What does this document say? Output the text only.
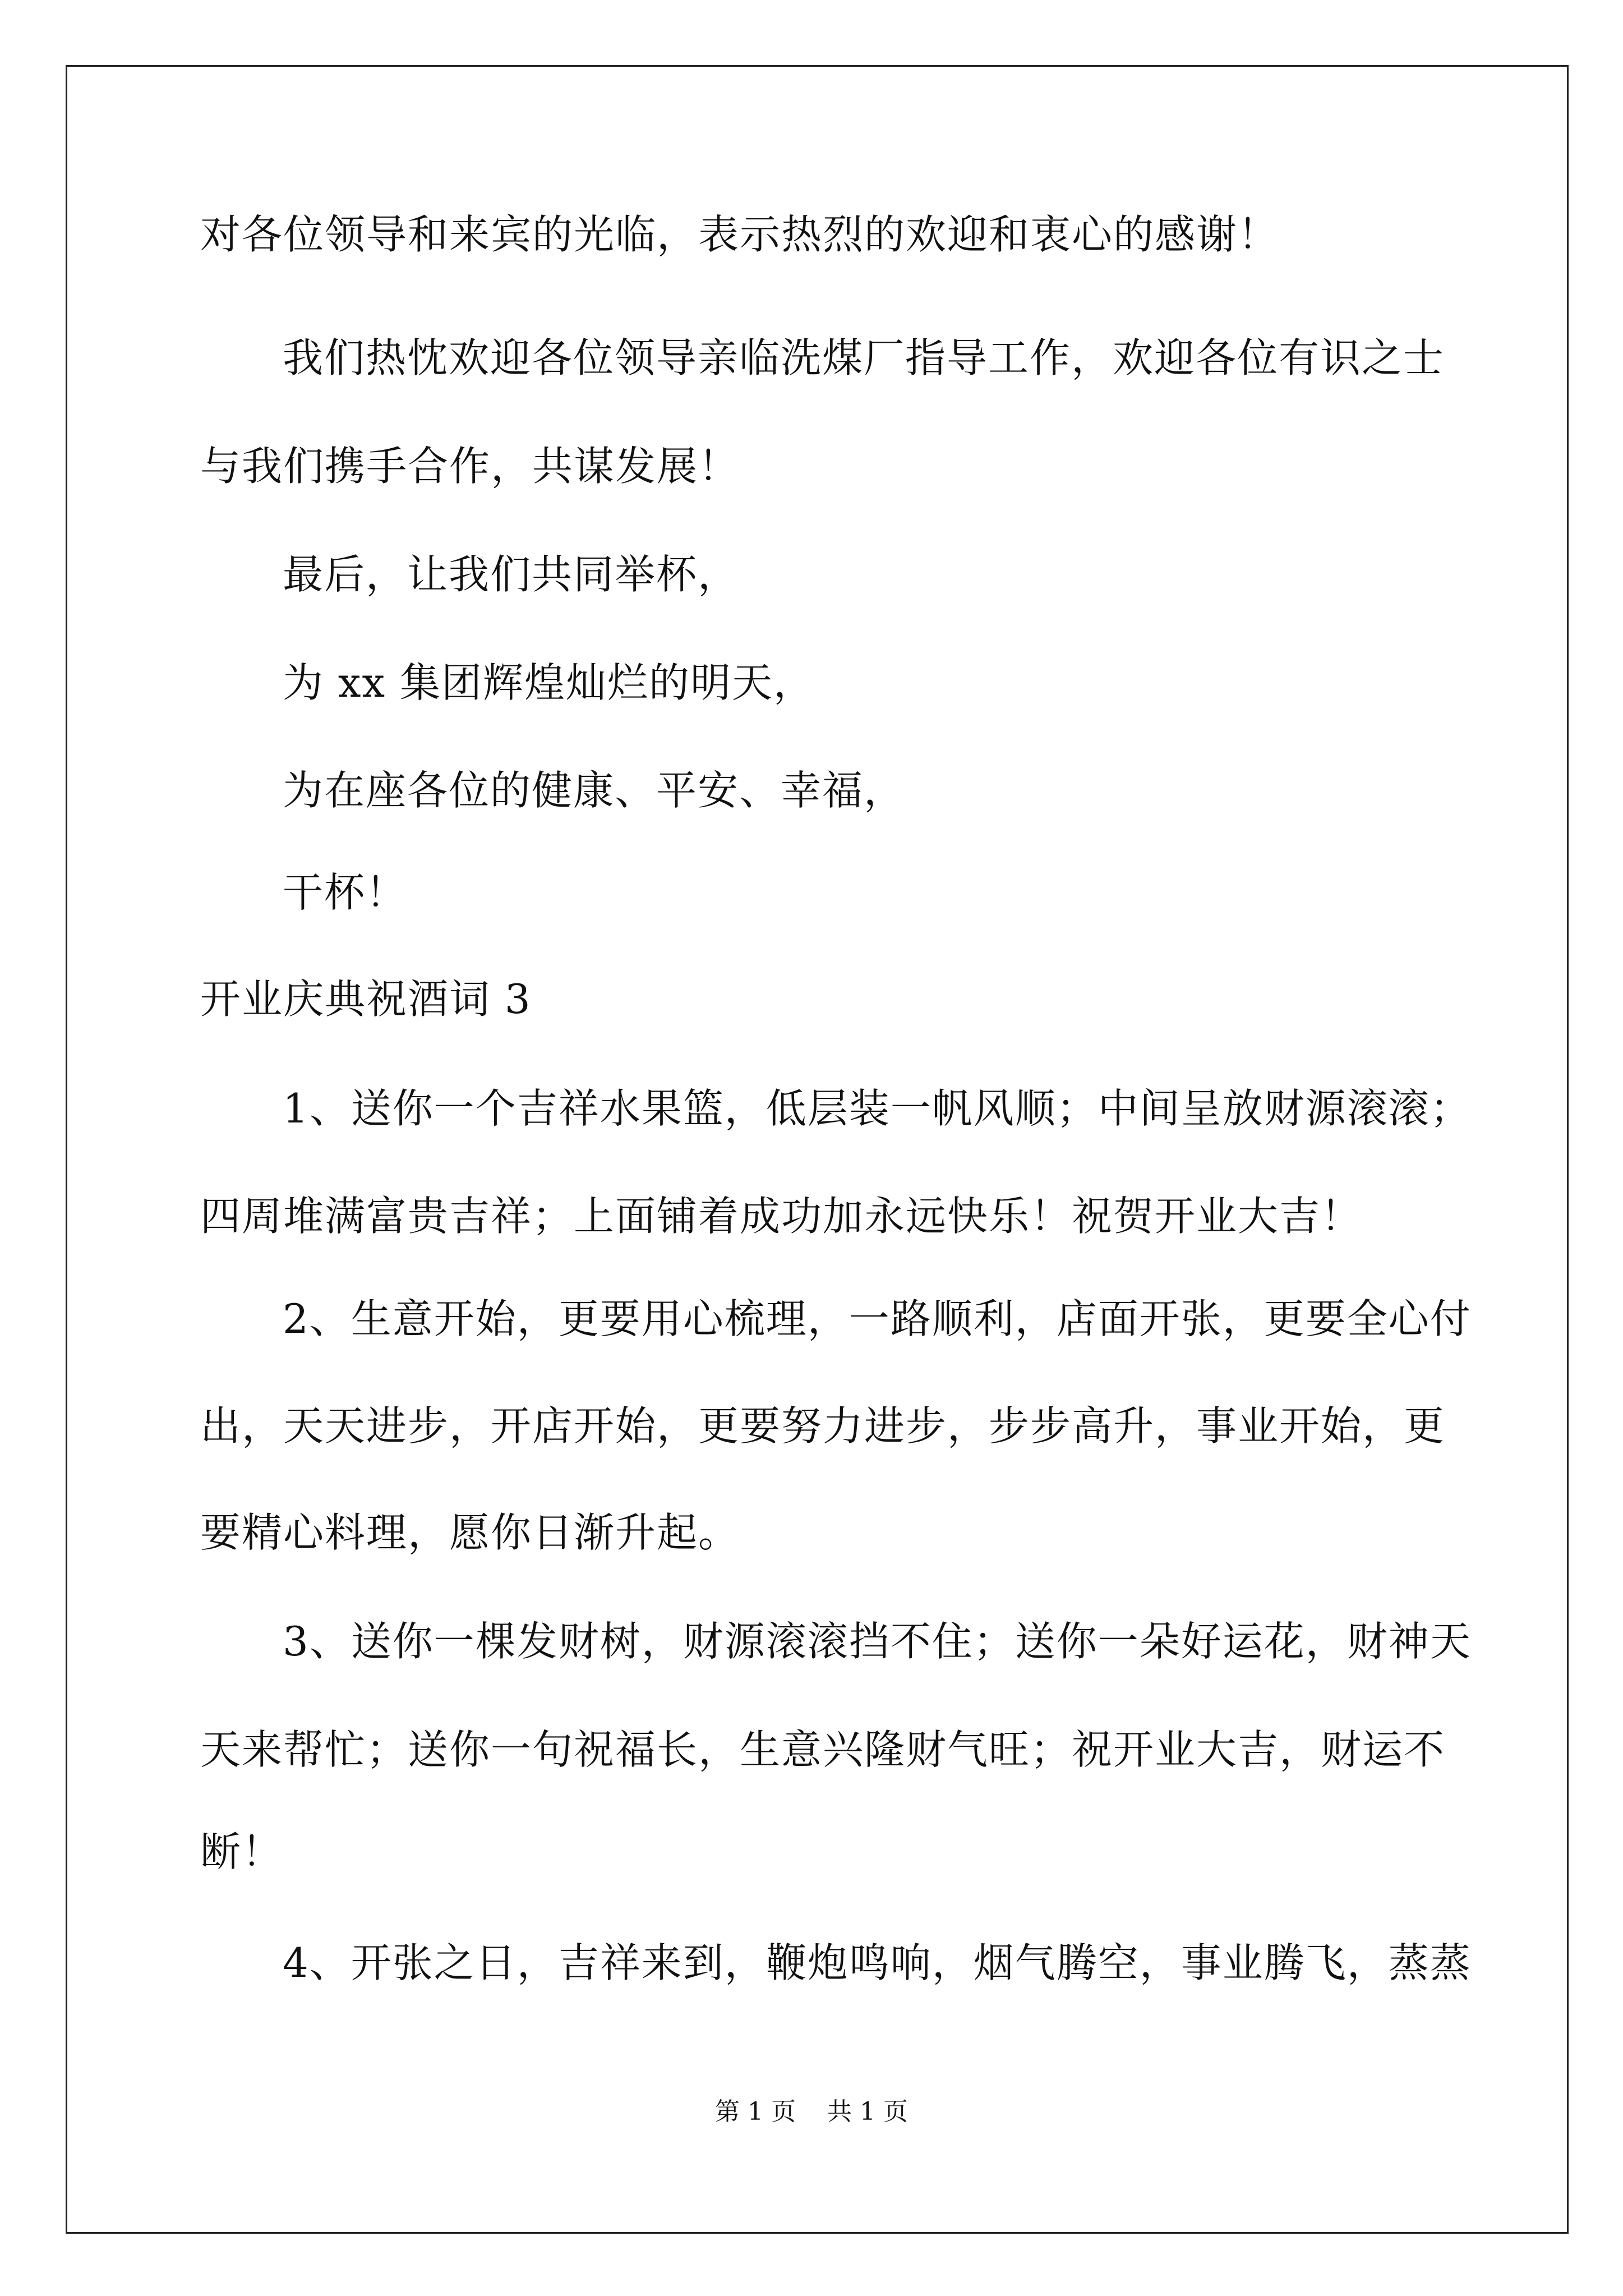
对各位领导和来宾的光临，表示热烈的欢迎和衷心的感谢！
我们热忱欢迎各位领导亲临洗煤厂指导工作，欢迎各位有识之士
与我们携手合作，共谋发展！
最后，让我们共同举杯，
为 xx 集团辉煌灿烂的明天，
为在座各位的健康、平安、幸福，
干杯！
开业庆典祝酒词 3
1、送你一个吉祥水果篮，低层装一帆风顺；中间呈放财源滚滚；
四周堆满富贵吉祥；上面铺着成功加永远快乐！祝贺开业大吉！
2、生意开始，更要用心梳理，一路顺利，店面开张，更要全心付
出，天天进步，开店开始，更要努力进步，步步高升，事业开始，更
要精心料理，愿你日渐升起。
3、送你一棵发财树，财源滚滚挡不住；送你一朵好运花，财神天
天来帮忙；送你一句祝福长，生意兴隆财气旺；祝开业大吉，财运不
断！
4、开张之日，吉祥来到，鞭炮鸣响，烟气腾空，事业腾飞，蒸蒸
第 1 页    共 1 页
